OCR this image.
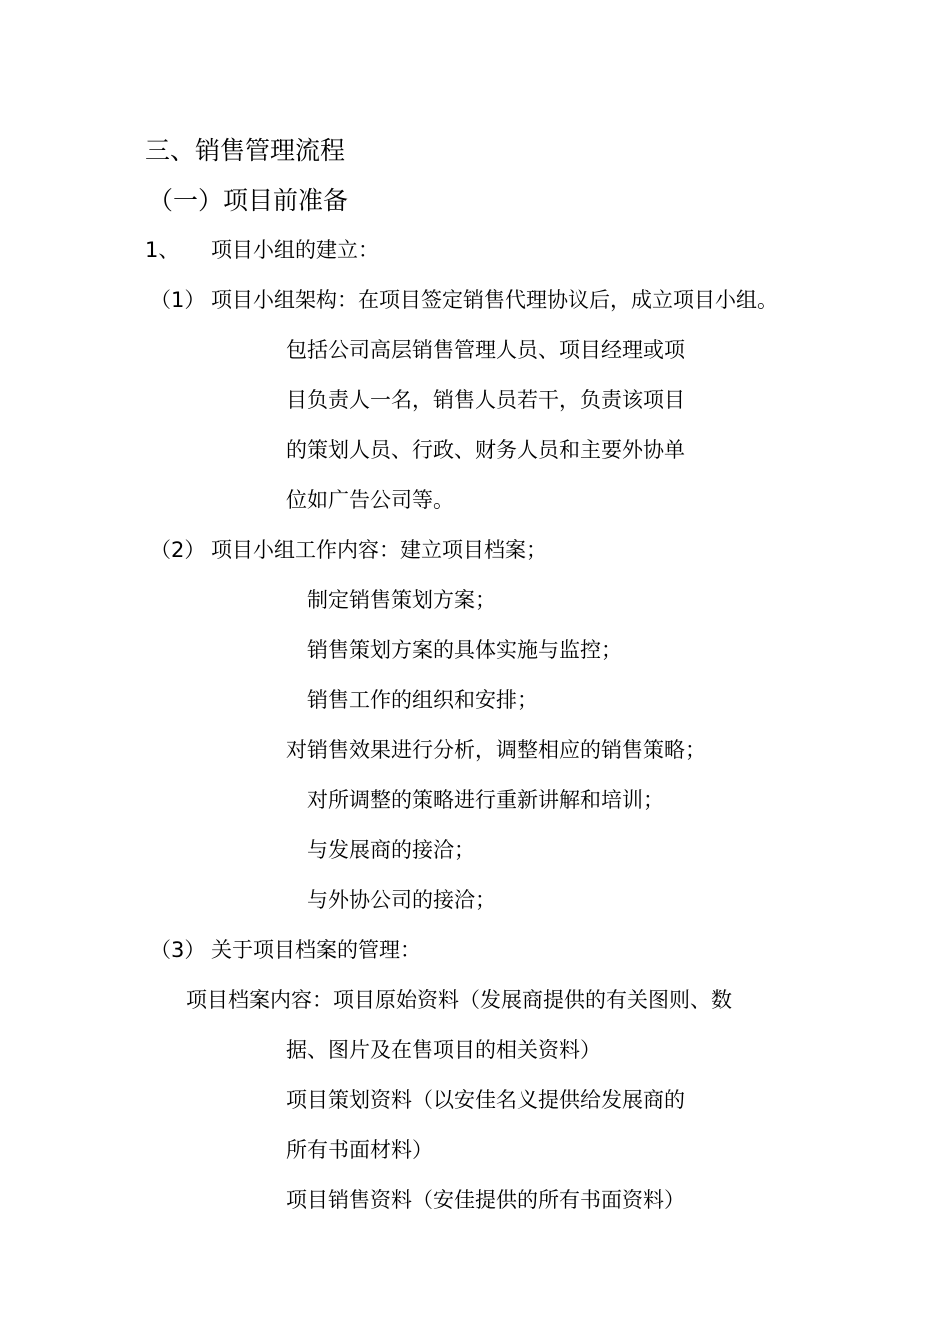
三、销售管理流程
（一）项目前准备
1、 项目小组的建立：
（1） 项目小组架构：在项目签定销售代理协议后，成立项目小组。
包括公司高层销售管理人员、项目经理或项
目负责人一名，销售人员若干，负责该项目
的策划人员、行政、财务人员和主要外协单
位如广告公司等。
（2） 项目小组工作内容：建立项目档案；
制定销售策划方案；
销售策划方案的具体实施与监控；
销售工作的组织和安排；
对销售效果进行分析，调整相应的销售策略；
对所调整的策略进行重新讲解和培训；
与发展商的接洽；
与外协公司的接洽；
（3） 关于项目档案的管理：
项目档案内容：项目原始资料（发展商提供的有关图则、数
据、图片及在售项目的相关资料）
项目策划资料（以安佳名义提供给发展商的
所有书面材料）
项目销售资料（安佳提供的所有书面资料）
